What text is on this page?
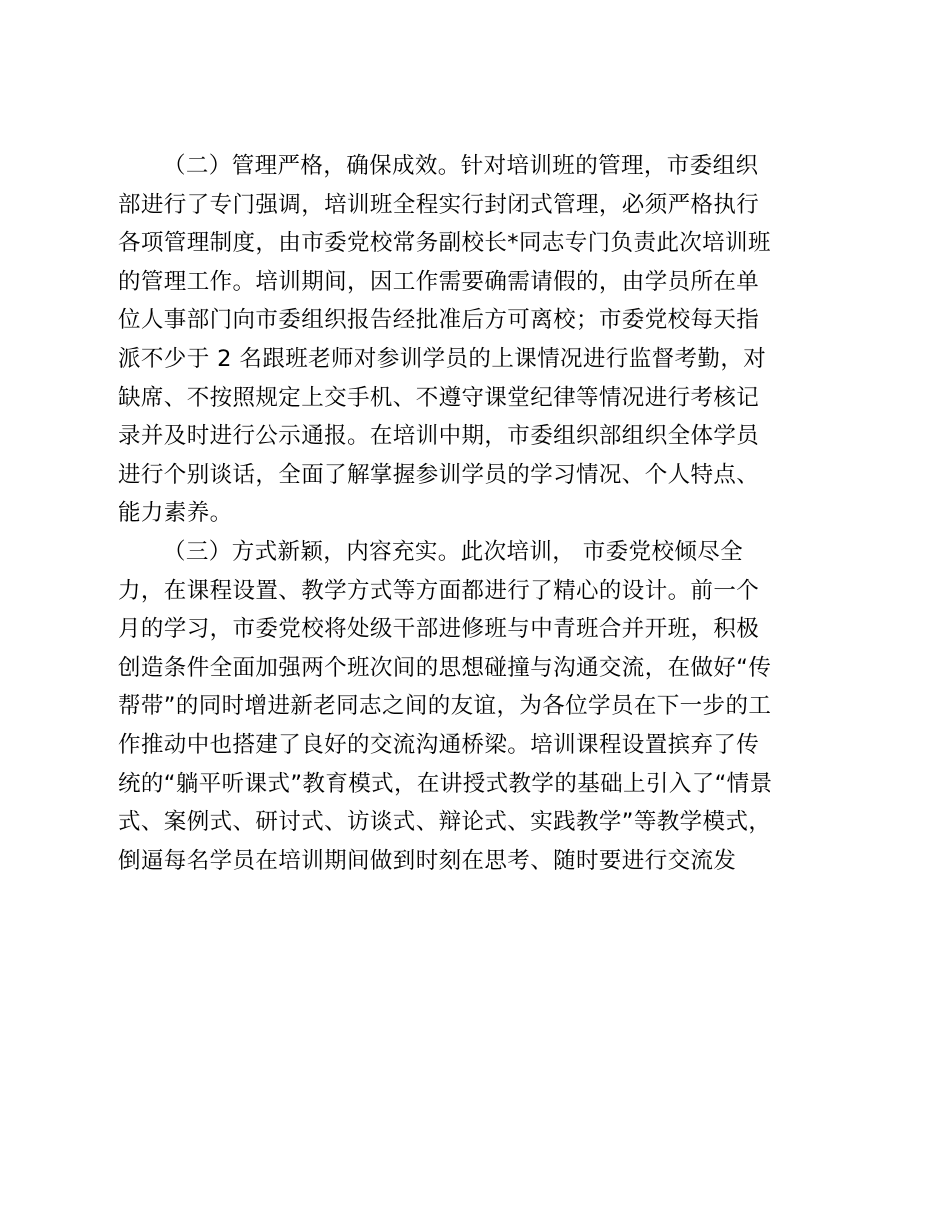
（二）管理严格，确保成效。针对培训班的管理，市委组织
部进行了专门强调，培训班全程实行封闭式管理，必须严格执行
各项管理制度，由市委党校常务副校长*同志专门负责此次培训班
的管理工作。培训期间，因工作需要确需请假的，由学员所在单
位人事部门向市委组织报告经批准后方可离校；市委党校每天指
派不少于 2 名跟班老师对参训学员的上课情况进行监督考勤，对
缺席、不按照规定上交手机、不遵守课堂纪律等情况进行考核记
录并及时进行公示通报。在培训中期，市委组织部组织全体学员
进行个别谈话，全面了解掌握参训学员的学习情况、个人特点、
能力素养。
（三）方式新颖，内容充实。此次培训， 市委党校倾尽全
力，在课程设置、教学方式等方面都进行了精心的设计。前一个
月的学习，市委党校将处级干部进修班与中青班合并开班，积极
创造条件全面加强两个班次间的思想碰撞与沟通交流，在做好“传
帮带”的同时增进新老同志之间的友谊，为各位学员在下一步的工
作推动中也搭建了良好的交流沟通桥梁。培训课程设置摈弃了传
统的“躺平听课式”教育模式，在讲授式教学的基础上引入了“情景
式、案例式、研讨式、访谈式、辩论式、实践教学”等教学模式，
倒逼每名学员在培训期间做到时刻在思考、随时要进行交流发
